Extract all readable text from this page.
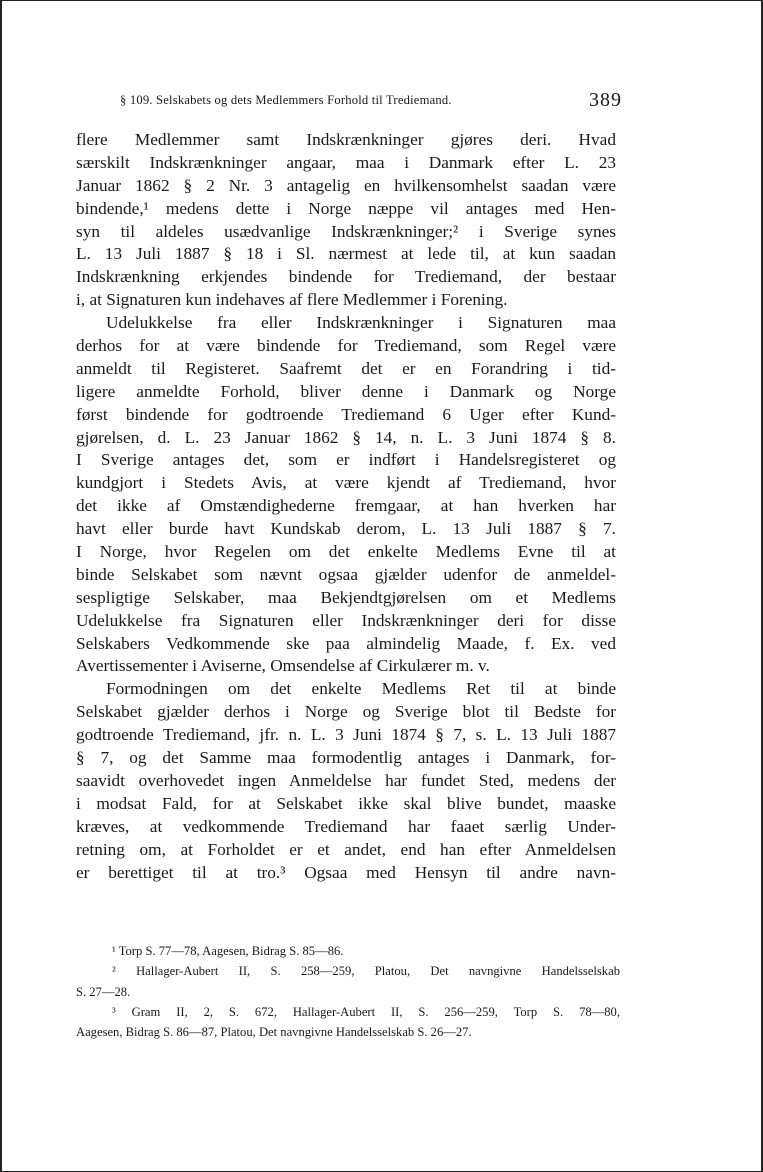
§ 109. Selskabets og dets Medlemmers Forhold til Trediemand.	389
flere Medlemmer samt Indskrænkninger gjøres deri. Hvad
særskilt Indskrænkninger angaar, maa i Danmark efter L. 23
Januar 1862 § 2 Nr. 3 antagelig en hvilkensomhelst saadan være
bindende,¹ medens dette i Norge næppe vil antages med Hen-
syn til aldeles usædvanlige Indskrænkninger;² i Sverige synes
L. 13 Juli 1887 § 18 i Sl. nærmest at lede til, at kun saadan
Indskrænkning erkjendes bindende for Trediemand, der bestaar
i, at Signaturen kun indehaves af flere Medlemmer i Forening.
Udelukkelse fra eller Indskrænkninger i Signaturen maa
derhos for at være bindende for Trediemand, som Regel være
anmeldt til Registeret. Saafremt det er en Forandring i tid-
ligere anmeldte Forhold, bliver denne i Danmark og Norge
først bindende for godtroende Trediemand 6 Uger efter Kund-
gjørelsen, d. L. 23 Januar 1862 § 14, n. L. 3 Juni 1874 § 8.
I Sverige antages det, som er indført i Handelsregisteret og
kundgjort i Stedets Avis, at være kjendt af Trediemand, hvor
det ikke af Omstændighederne fremgaar, at han hverken har
havt eller burde havt Kundskab derom, L. 13 Juli 1887 § 7.
I Norge, hvor Regelen om det enkelte Medlems Evne til at
binde Selskabet som nævnt ogsaa gjælder udenfor de anmeldel-
sespligtige Selskaber, maa Bekjendtgjørelsen om et Medlems
Udelukkelse fra Signaturen eller Indskrænkninger deri for disse
Selskabers Vedkommende ske paa almindelig Maade, f. Ex. ved
Avertissementer i Aviserne, Omsendelse af Cirkulærer m. v.
Formodningen om det enkelte Medlems Ret til at binde
Selskabet gjælder derhos i Norge og Sverige blot til Bedste for
godtroende Trediemand, jfr. n. L. 3 Juni 1874 § 7, s. L. 13 Juli 1887
§ 7, og det Samme maa formodentlig antages i Danmark, for-
saavidt overhovedet ingen Anmeldelse har fundet Sted, medens der
i modsat Fald, for at Selskabet ikke skal blive bundet, maaske
kræves, at vedkommende Trediemand har faaet særlig Under-
retning om, at Forholdet er et andet, end han efter Anmeldelsen
er berettiget til at tro.³ Ogsaa med Hensyn til andre navn-
¹ Torp S. 77—78, Aagesen, Bidrag S. 85—86.
² Hallager-Aubert II, S. 258—259, Platou, Det navngivne Handelsselskab
S. 27—28.
³ Gram II, 2, S. 672, Hallager-Aubert II, S. 256—259, Torp S. 78—80,
Aagesen, Bidrag S. 86—87, Platou, Det navngivne Handelsselskab S. 26—27.
